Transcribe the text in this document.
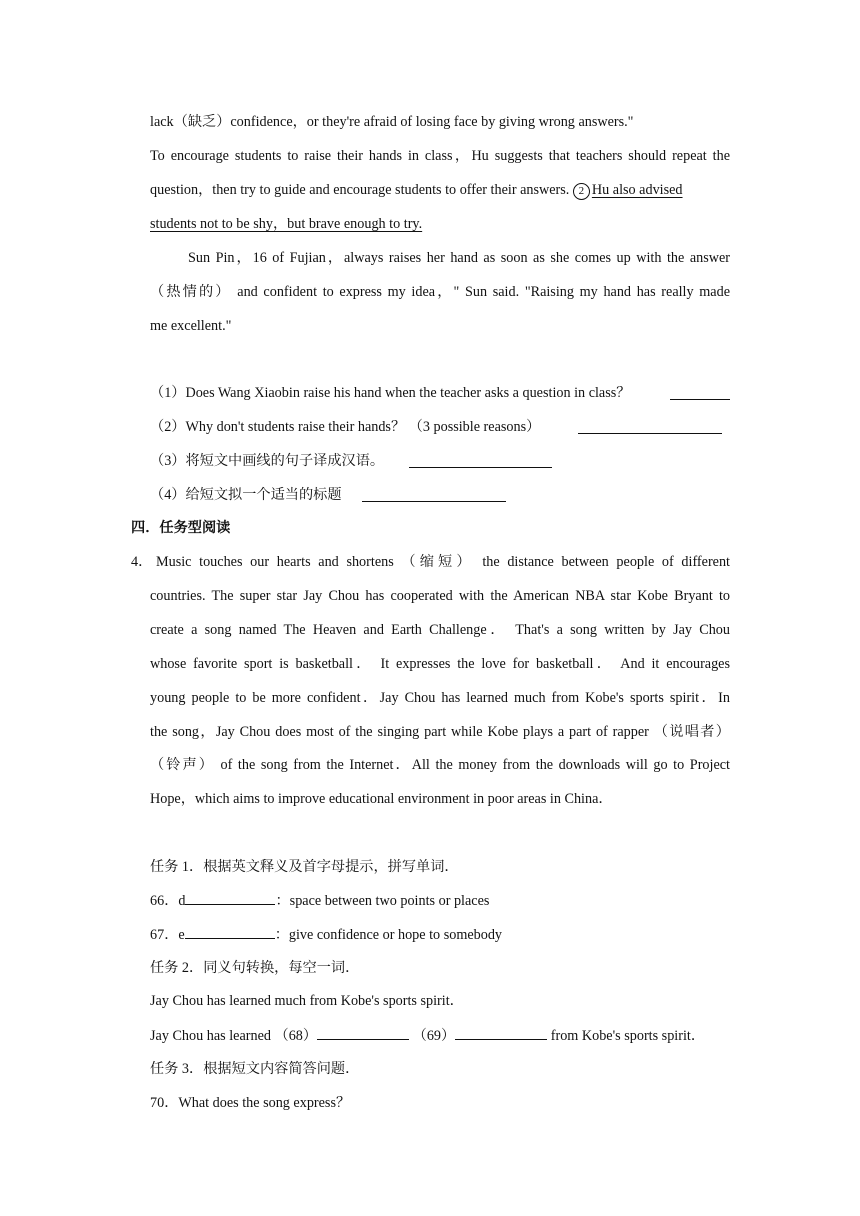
lack（缺乏）confidence，or they're afraid of losing face by giving wrong answers."
To encourage students to raise their hands in class，Hu suggests that teachers should repeat the
question，then try to guide and encourage students to offer their answers. 2 Hu also advised
students not to be shy，but brave enough to try.
Sun Pin，16 of Fujian，always raises her hand as soon as she comes up with the answer
（热情的） and confident to express my idea，" Sun said. "Raising my hand has really made
me excellent."
（1）Does Wang Xiaobin raise his hand when the teacher asks a question in class？
（2）Why don't students raise their hands？ （3 possible reasons）
（3）将短文中画线的句子译成汉语。
（4）给短文拟一个适当的标题
四．任务型阅读
4． Music touches our hearts and shortens （缩短） the distance between people of different
countries. The super star Jay Chou has cooperated with the American NBA star Kobe Bryant to
create a song named The Heaven and Earth Challenge． That's a song written by Jay Chou
whose favorite sport is basketball． It expresses the love for basketball． And it encourages
young people to be more confident．Jay Chou has learned much from Kobe's sports spirit．In
the song，Jay Chou does most of the singing part while Kobe plays a part of rapper （说唱者）
（铃声） of the song from the Internet．All the money from the downloads will go to Project
Hope，which aims to improve educational environment in poor areas in China．
任务 1．根据英文释义及首字母提示，拼写单词．
66．d	：space between two points or places
67．e	：give confidence or hope to somebody
任务 2．同义句转换，每空一词．
Jay Chou has learned much from Kobe's sports spirit．
Jay Chou has learned （68）	（69）	from Kobe's sports spirit．
任务 3．根据短文内容简答问题．
70．What does the song express？
